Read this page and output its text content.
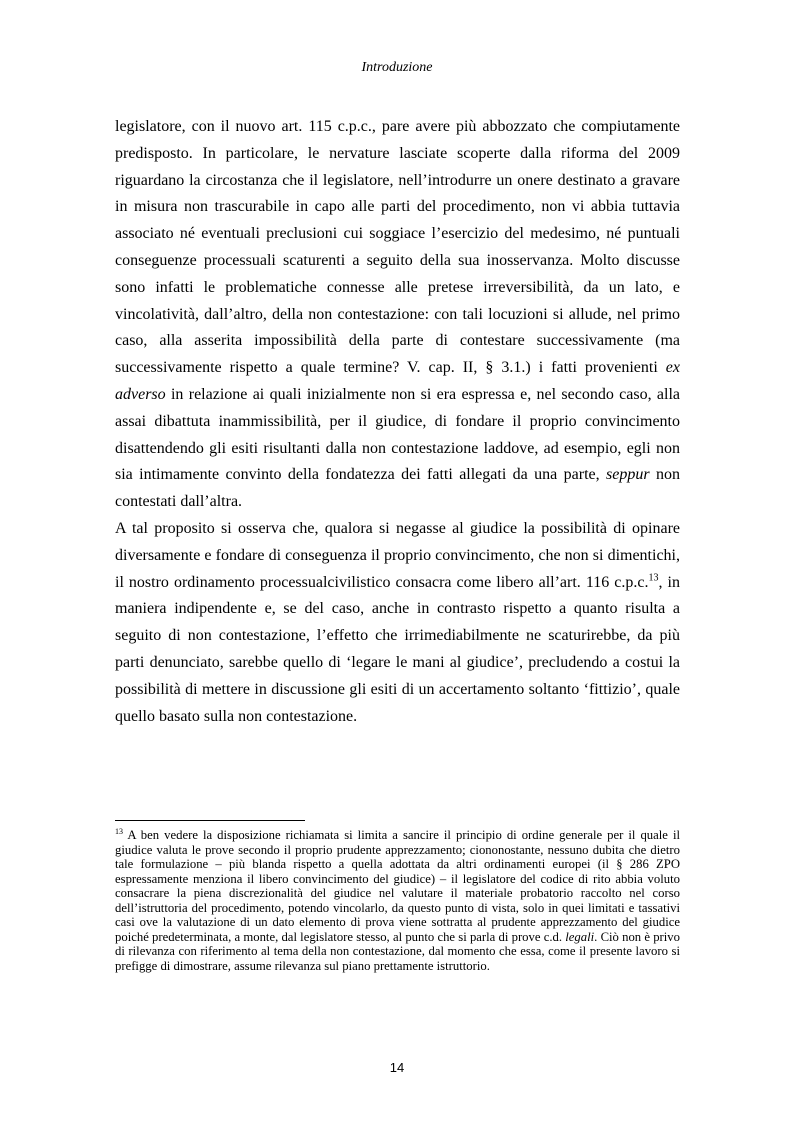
Introduzione

legislatore, con il nuovo art. 115 c.p.c., pare avere più abbozzato che compiutamente predisposto. In particolare, le nervature lasciate scoperte dalla riforma del 2009 riguardano la circostanza che il legislatore, nell’introdurre un onere destinato a gravare in misura non trascurabile in capo alle parti del procedimento, non vi abbia tuttavia associato né eventuali preclusioni cui soggiace l’esercizio del medesimo, né puntuali conseguenze processuali scaturenti a seguito della sua inosservanza. Molto discusse sono infatti le problematiche connesse alle pretese irreversibilità, da un lato, e vincolatività, dall’altro, della non contestazione: con tali locuzioni si allude, nel primo caso, alla asserita impossibilità della parte di contestare successivamente (ma successivamente rispetto a quale termine? V. cap. II, § 3.1.) i fatti provenienti ex adverso in relazione ai quali inizialmente non si era espressa e, nel secondo caso, alla assai dibattuta inammissibilità, per il giudice, di fondare il proprio convincimento disattendendo gli esiti risultanti dalla non contestazione laddove, ad esempio, egli non sia intimamente convinto della fondatezza dei fatti allegati da una parte, seppur non contestati dall’altra.

A tal proposito si osserva che, qualora si negasse al giudice la possibilità di opinare diversamente e fondare di conseguenza il proprio convincimento, che non si dimentichi, il nostro ordinamento processualcivilistico consacra come libero all’art. 116 c.p.c.$^{13}$, in maniera indipendente e, se del caso, anche in contrasto rispetto a quanto risulta a seguito di non contestazione, l’effetto che irrimediabilmente ne scaturirebbe, da più parti denunciato, sarebbe quello di ‘legare le mani al giudice’, precludendo a costui la possibilità di mettere in discussione gli esiti di un accertamento soltanto ‘fittizio’, quale quello basato sulla non contestazione.

$^{13}$ A ben vedere la disposizione richiamata si limita a sancire il principio di ordine generale per il quale il giudice valuta le prove secondo il proprio prudente apprezzamento; ciononostante, nessuno dubita che dietro tale formulazione – più blanda rispetto a quella adottata da altri ordinamenti europei (il § 286 ZPO espressamente menziona il libero convincimento del giudice) – il legislatore del codice di rito abbia voluto consacrare la piena discrezionalità del giudice nel valutare il materiale probatorio raccolto nel corso dell’istruttoria del procedimento, potendo vincolarlo, da questo punto di vista, solo in quei limitati e tassativi casi ove la valutazione di un dato elemento di prova viene sottratta al prudente apprezzamento del giudice poiché predeterminata, a monte, dal legislatore stesso, al punto che si parla di prove c.d. legali. Ciò non è privo di rilevanza con riferimento al tema della non contestazione, dal momento che essa, come il presente lavoro si prefigge di dimostrare, assume rilevanza sul piano prettamente istruttorio.

14
